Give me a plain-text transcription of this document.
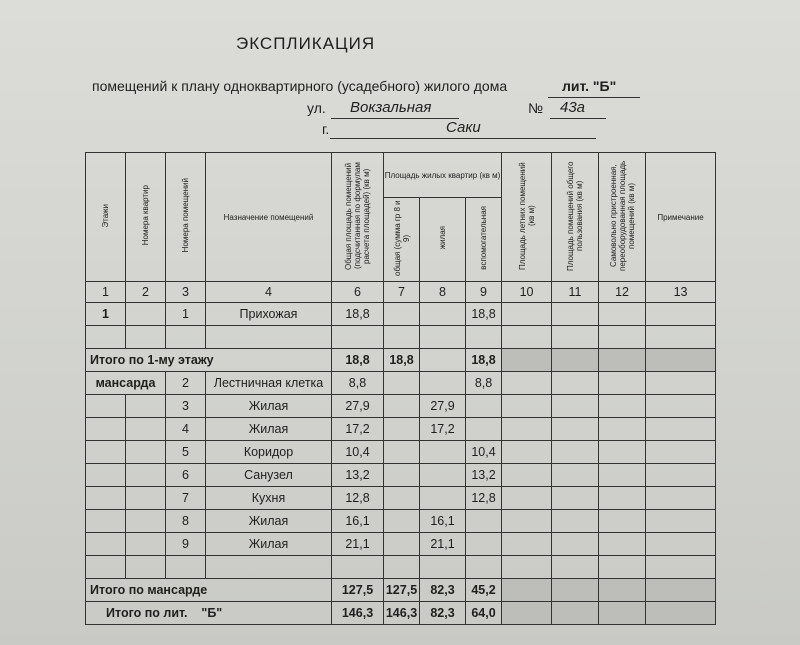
ЭКСПЛИКАЦИЯ
помещений к плану одноквартирного (усадебного) жилого дома	лит. "Б"
ул. Вокзальная	№ 43а
г.	Саки
Этажи	Номера квартир	Номера помещений	Назначение помещений	Общая площадь помещений (подсчитанная по формулам расчета площадей) (кв м)	Площадь жилых квартир (кв м)			Площадь летних помещений (кв м)	Площадь помещений общего пользования (кв м)	Самовольно пристроенная, переоборудованная площадь помещений (кв м)	Примечание
					общая (сумма гр 8 и 9)	жилая	вспомогательная				
1	2	3	4	6	7	8	9	10	11	12	13
1		1	Прихожая	18,8			18,8				

Итого по 1-му этажу				18,8	18,8		18,8				
мансарда		2	Лестничная клетка	8,8			8,8				
		3	Жилая	27,9		27,9					
		4	Жилая	17,2		17,2					
		5	Коридор	10,4			10,4				
		6	Санузел	13,2			13,2				
		7	Кухня	12,8			12,8				
		8	Жилая	16,1		16,1					
		9	Жилая	21,1		21,1					

Итого по мансарде				127,5	127,5	82,3	45,2				
Итого по лит.    "Б"				146,3	146,3	82,3	64,0				
